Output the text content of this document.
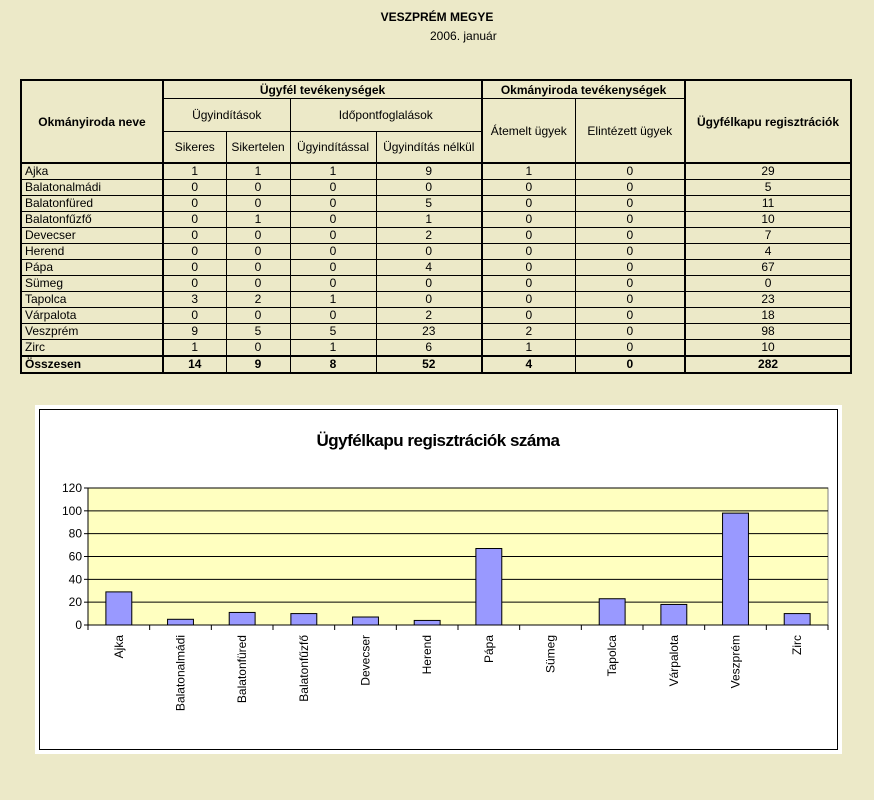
VESZPRÉM MEGYE
2006. január
Okmányiroda neve	Ügyfél tevékenységek				Okmányiroda tevékenységek		Ügyfélkapu regisztrációk
	Ügyindítások		Időpontfoglalások		Átemelt ügyek	Elintézett ügyek	
	Sikeres	Sikertelen	Ügyindítással	Ügyindítás nélkül			
Ajka	1	1	1	9	1	0	29
Balatonalmádi	0	0	0	0	0	0	5
Balatonfüred	0	0	0	5	0	0	11
Balatonfűzfő	0	1	0	1	0	0	10
Devecser	0	0	0	2	0	0	7
Herend	0	0	0	0	0	0	4
Pápa	0	0	0	4	0	0	67
Sümeg	0	0	0	0	0	0	0
Tapolca	3	2	1	0	0	0	23
Várpalota	0	0	0	2	0	0	18
Veszprém	9	5	5	23	2	0	98
Zirc	1	0	1	6	1	0	10
Összesen	14	9	8	52	4	0	282
Ügyfélkapu regisztrációk száma
0
20
40
60
80
100
120
Ajka	Balatonalmádi	Balatonfüred	Balatonfűzfő	Devecser	Herend	Pápa	Sümeg	Tapolca	Várpalota	Veszprém	Zirc
